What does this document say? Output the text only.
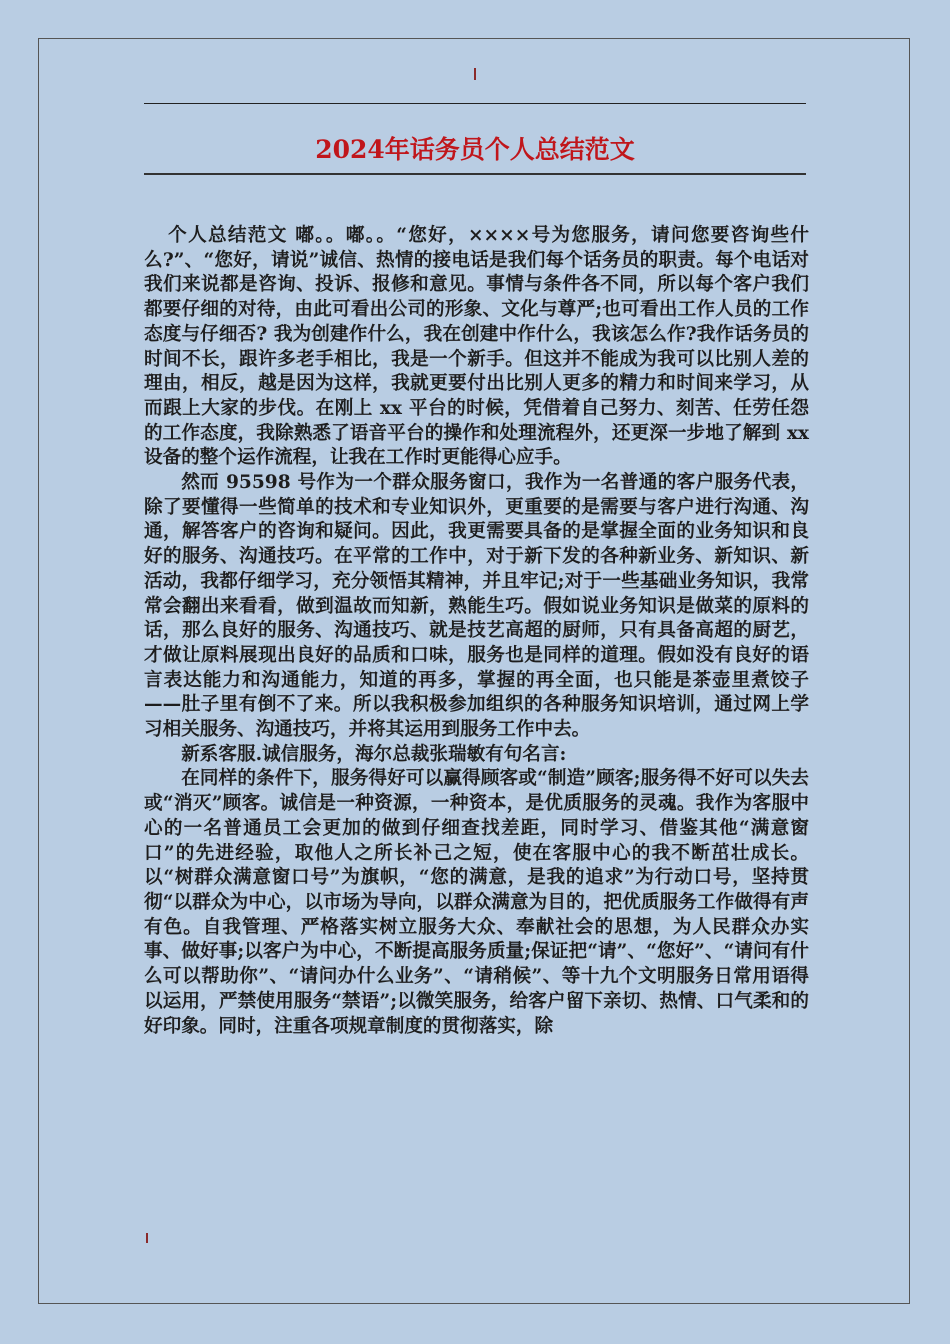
2024年话务员个人总结范文

个人总结范文 嘟。。嘟。。“您好，××××号为您服务，请问您要咨询些什么?”、“您好，请说”诚信、热情的接电话是我们每个话务员的职责。每个电话对我们来说都是咨询、投诉、报修和意见。事情与条件各不同，所以每个客户我们都要仔细的对待，由此可看出公司的形象、文化与尊严;也可看出工作人员的工作态度与仔细否? 我为创建作什么，我在创建中作什么，我该怎么作?我作话务员的时间不长，跟许多老手相比，我是一个新手。但这并不能成为我可以比别人差的理由，相反，越是因为这样，我就更要付出比别人更多的精力和时间来学习，从而跟上大家的步伐。在刚上 xx 平台的时候，凭借着自己努力、刻苦、任劳任怨的工作态度，我除熟悉了语音平台的操作和处理流程外，还更深一步地了解到 xx 设备的整个运作流程，让我在工作时更能得心应手。

然而 95598 号作为一个群众服务窗口，我作为一名普通的客户服务代表，除了要懂得一些简单的技术和专业知识外，更重要的是需要与客户进行沟通、沟通，解答客户的咨询和疑问。因此，我更需要具备的是掌握全面的业务知识和良好的服务、沟通技巧。在平常的工作中，对于新下发的各种新业务、新知识、新活动，我都仔细学习，充分领悟其精神，并且牢记;对于一些基础业务知识，我常常会翻出来看看，做到温故而知新，熟能生巧。假如说业务知识是做菜的原料的话，那么良好的服务、沟通技巧、就是技艺高超的厨师，只有具备高超的厨艺，才做让原料展现出良好的品质和口味，服务也是同样的道理。假如没有良好的语言表达能力和沟通能力，知道的再多，掌握的再全面，也只能是茶壶里煮饺子——肚子里有倒不了来。所以我积极参加组织的各种服务知识培训，通过网上学习相关服务、沟通技巧，并将其运用到服务工作中去。

新系客服.诚信服务，海尔总裁张瑞敏有句名言:

在同样的条件下，服务得好可以赢得顾客或“制造”顾客;服务得不好可以失去或“消灭”顾客。诚信是一种资源，一种资本，是优质服务的灵魂。我作为客服中心的一名普通员工会更加的做到仔细查找差距，同时学习、借鉴其他“满意窗口”的先进经验，取他人之所长补己之短，使在客服中心的我不断茁壮成长。以“树群众满意窗口号”为旗帜，“您的满意，是我的追求”为行动口号，坚持贯彻“以群众为中心，以市场为导向，以群众满意为目的，把优质服务工作做得有声有色。自我管理、严格落实树立服务大众、奉献社会的思想，为人民群众办实事、做好事;以客户为中心，不断提高服务质量;保证把“请”、“您好”、“请问有什么可以帮助你”、“请问办什么业务”、“请稍候”、等十九个文明服务日常用语得以运用，严禁使用服务“禁语”;以微笑服务，给客户留下亲切、热情、口气柔和的好印象。同时，注重各项规章制度的贯彻落实，除
